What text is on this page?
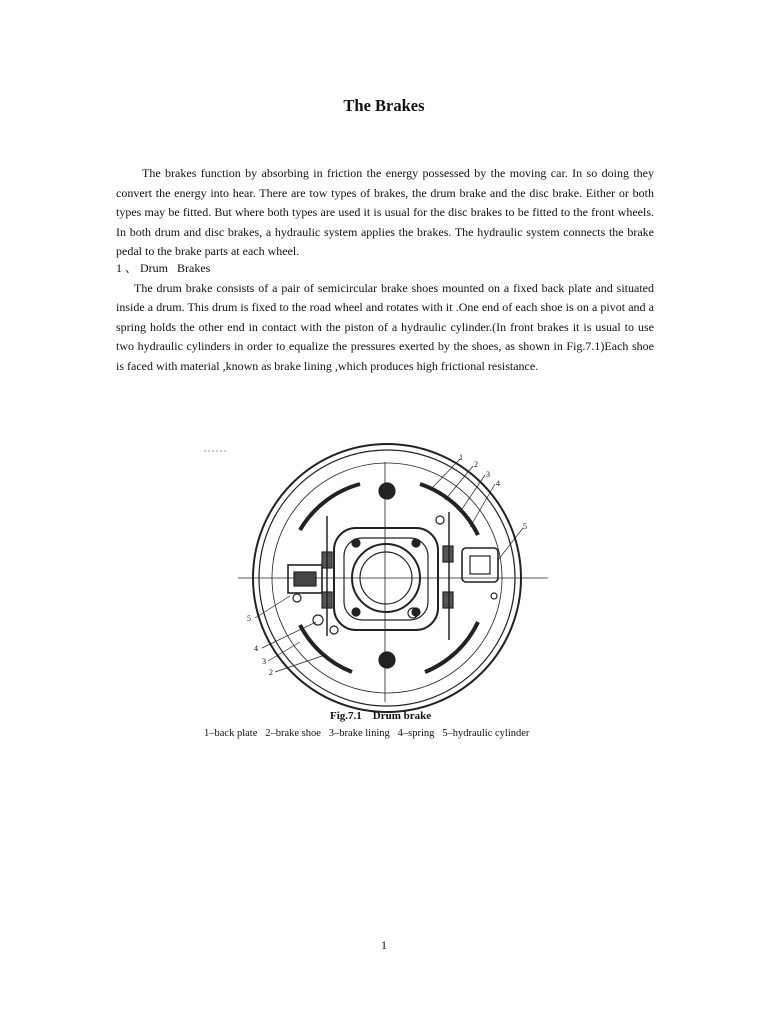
The Brakes

The brakes function by absorbing in friction the energy possessed by the moving car. In so doing they convert the energy into hear. There are tow types of brakes, the drum brake and the disc brake. Either or both types may be fitted. But where both types are used it is usual for the disc brakes to be fitted to the front wheels. In both drum and disc brakes, a hydraulic system applies the brakes. The hydraulic system connects the brake pedal to the brake parts at each wheel.

1 、 Drum   Brakes

The drum brake consists of a pair of semicircular brake shoes mounted on a fixed back plate and situated inside a drum. This drum is fixed to the road wheel and rotates with it .One end of each shoe is on a pivot and a spring holds the other end in contact with the piston of a hydraulic cylinder.(In front brakes it is usual to use two hydraulic cylinders in order to equalize the pressures exerted by the shoes, as shown in Fig.7.1)Each shoe is faced with material ,known as brake lining ,which produces high frictional resistance.

1
2
3
4
5
5
4
3
2
Fig.7.1    Drum brake
1–back plate   2–brake shoe   3–brake lining   4–spring   5–hydraulic cylinder
1
